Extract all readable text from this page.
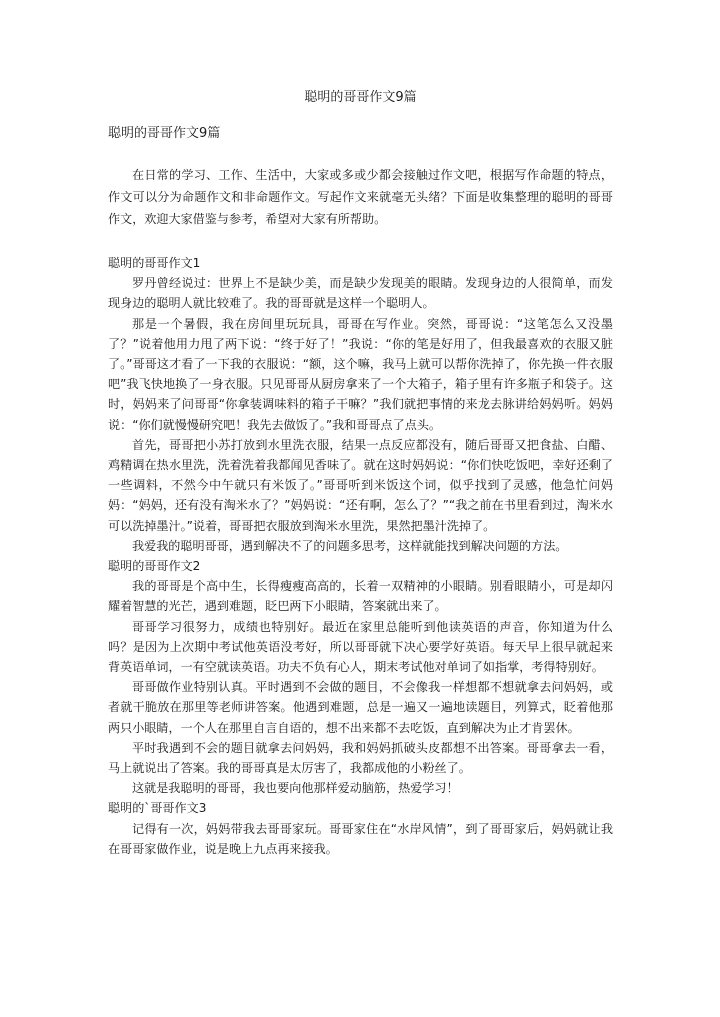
聪明的哥哥作文9篇
聪明的哥哥作文9篇

在日常的学习、工作、生活中，大家或多或少都会接触过作文吧，根据写作命题的特点，作文可以分为命题作文和非命题作文。写起作文来就毫无头绪？下面是收集整理的聪明的哥哥作文，欢迎大家借鉴与参考，希望对大家有所帮助。

聪明的哥哥作文1

罗丹曾经说过：世界上不是缺少美，而是缺少发现美的眼睛。发现身边的人很简单，而发现身边的聪明人就比较难了。我的哥哥就是这样一个聪明人。

那是一个暑假，我在房间里玩玩具，哥哥在写作业。突然，哥哥说：“这笔怎么又没墨了？”说着他用力甩了两下说：“终于好了！”我说：“你的笔是好用了，但我最喜欢的衣服又脏了。”哥哥这才看了一下我的衣服说：“额，这个嘛，我马上就可以帮你洗掉了，你先换一件衣服吧”我飞快地换了一身衣服。只见哥哥从厨房拿来了一个大箱子，箱子里有许多瓶子和袋子。这时，妈妈来了问哥哥“你拿装调味料的箱子干嘛？”我们就把事情的来龙去脉讲给妈妈听。妈妈说：“你们就慢慢研究吧！我先去做饭了。”我和哥哥点了点头。

首先，哥哥把小苏打放到水里洗衣服，结果一点反应都没有，随后哥哥又把食盐、白醋、鸡精调在热水里洗，洗着洗着我都闻见香味了。就在这时妈妈说：“你们快吃饭吧，幸好还剩了一些调料，不然今中午就只有米饭了。”哥哥听到米饭这个词，似乎找到了灵感，他急忙问妈妈：“妈妈，还有没有淘米水了？”妈妈说：“还有啊，怎么了？”“我之前在书里看到过，淘米水可以洗掉墨汁。”说着，哥哥把衣服放到淘米水里洗，果然把墨汁洗掉了。

我爱我的聪明哥哥，遇到解决不了的问题多思考，这样就能找到解决问题的方法。

聪明的哥哥作文2

我的哥哥是个高中生，长得瘦瘦高高的，长着一双精神的小眼睛。别看眼睛小，可是却闪耀着智慧的光芒，遇到难题，眨巴两下小眼睛，答案就出来了。

哥哥学习很努力，成绩也特别好。最近在家里总能听到他读英语的声音，你知道为什么吗？是因为上次期中考试他英语没考好，所以哥哥就下决心要学好英语。每天早上很早就起来背英语单词，一有空就读英语。功夫不负有心人，期末考试他对单词了如指掌，考得特别好。

哥哥做作业特别认真。平时遇到不会做的题目，不会像我一样想都不想就拿去问妈妈，或者就干脆放在那里等老师讲答案。他遇到难题，总是一遍又一遍地读题目，列算式，眨着他那两只小眼睛，一个人在那里自言自语的，想不出来都不去吃饭，直到解决为止才肯罢休。

平时我遇到不会的题目就拿去问妈妈，我和妈妈抓破头皮都想不出答案。哥哥拿去一看，马上就说出了答案。我的哥哥真是太厉害了，我都成他的小粉丝了。

这就是我聪明的哥哥，我也要向他那样爱动脑筋，热爱学习！

聪明的`哥哥作文3

记得有一次，妈妈带我去哥哥家玩。哥哥家住在“水岸风情”，到了哥哥家后，妈妈就让我在哥哥家做作业，说是晚上九点再来接我。
